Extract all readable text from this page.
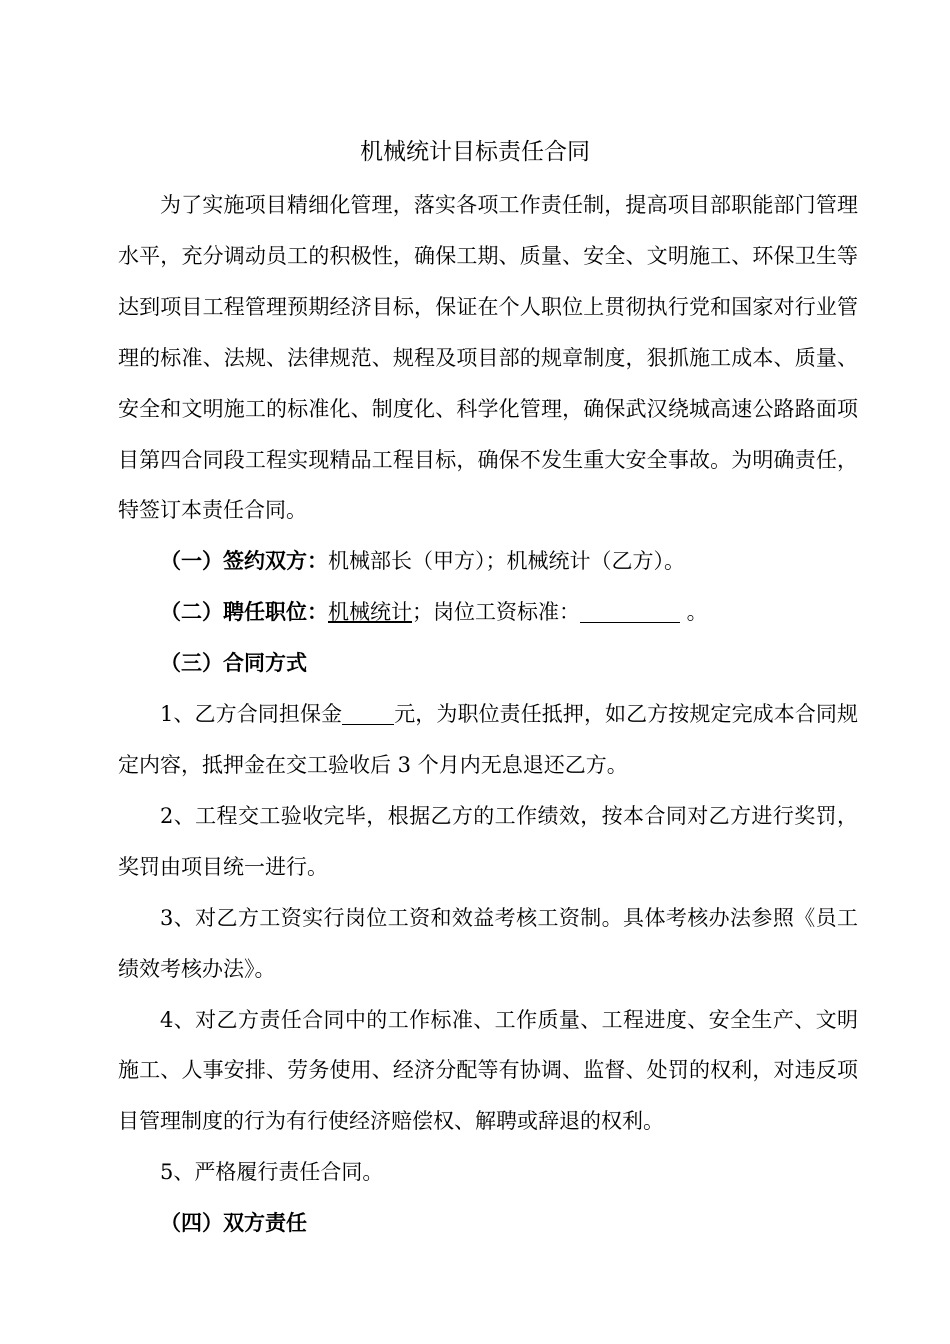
机械统计目标责任合同

为了实施项目精细化管理，落实各项工作责任制，提高项目部职能部门管理水平，充分调动员工的积极性，确保工期、质量、安全、文明施工、环保卫生等达到项目工程管理预期经济目标，保证在个人职位上贯彻执行党和国家对行业管理的标准、法规、法律规范、规程及项目部的规章制度，狠抓施工成本、质量、安全和文明施工的标准化、制度化、科学化管理，确保武汉绕城高速公路路面项目第四合同段工程实现精品工程目标，确保不发生重大安全事故。为明确责任，特签订本责任合同。

（一）签约双方：机械部长（甲方）；机械统计（乙方）。

（二）聘任职位：机械统计；岗位工资标准：	。

（三）合同方式

1、乙方合同担保金 元，为职位责任抵押，如乙方按规定完成本合同规定内容，抵押金在交工验收后 3 个月内无息退还乙方。

2、工程交工验收完毕，根据乙方的工作绩效，按本合同对乙方进行奖罚，奖罚由项目统一进行。

3、对乙方工资实行岗位工资和效益考核工资制。具体考核办法参照《员工绩效考核办法》。

4、对乙方责任合同中的工作标准、工作质量、工程进度、安全生产、文明施工、人事安排、劳务使用、经济分配等有协调、监督、处罚的权利，对违反项目管理制度的行为有行使经济赔偿权、解聘或辞退的权利。

5、严格履行责任合同。

（四）双方责任
